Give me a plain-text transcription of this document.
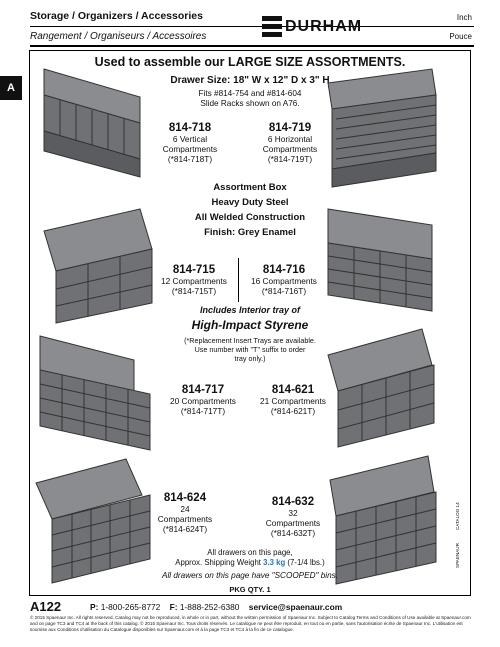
Storage / Organizers / Accessories
Rangement / Organiseurs / Accessoires
Inch
Pouce
DURHAM
A
Used to assemble our LARGE SIZE ASSORTMENTS.
Drawer Size: 18" W x 12" D x 3" H
Fits #814-754 and #814-604
Slide Racks shown on A76.
814-718
6 Vertical
Compartments
(*814-718T)
814-719
6 Horizontal
Compartments
(*814-719T)
Assortment Box
Heavy Duty Steel
All Welded Construction
Finish: Grey Enamel
814-715
12 Compartments
(*814-715T)
814-716
16 Compartments
(*814-716T)
Includes Interior tray of
High-Impact Styrene
(*Replacement Insert Trays are available.
Use number with "T" suffix to order
tray only.)
814-717
20 Compartments
(*814-717T)
814-621
21 Compartments
(*814-621T)
814-624
24
Compartments
(*814-624T)
814-632
32
Compartments
(*814-632T)
All drawers on this page,
Approx. Shipping Weight 3.3 kg (7-1/4 lbs.)
All drawers on this page have "SCOOPED" bins.
PKG QTY. 1
CATALOG 14
SPAENAUR
A122	P: 1-800-265-8772 F: 1-888-252-6380 service@spaenaur.com
© 2015 Spaenaur Inc. All rights reserved. Catalog may not be reproduced, in whole or in part, without the written permission of Spaenaur Inc. Subject to Catalog Terms and Conditions of Use available at Spaenaur.com and on page TC3 and TC4 at the back of this catalog. © 2015 Spaenaur Inc. Tous droits réservés. Le catalogue ne peut être reproduit, en tout ou en partie, sans l'autorisation écrite de Spaenaur Inc. L'utilisation est soumise aux Conditions d'utilisation du Catalogue disponibles sur Spaenaur.com et à la page TC3 et TC4 à la fin de ce catalogue.
